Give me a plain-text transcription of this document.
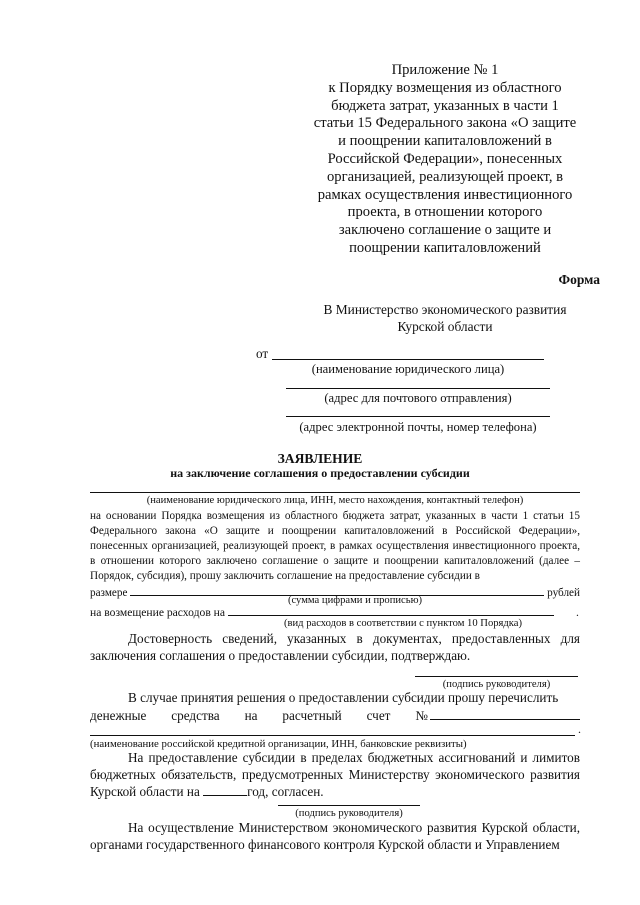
Приложение № 1
к Порядку возмещения из областного
бюджета затрат, указанных в части 1
статьи 15 Федерального закона «О защите
и поощрении капиталовложений в
Российской Федерации», понесенных
организацией, реализующей проект, в
рамках осуществления инвестиционного
проекта, в отношении которого
заключено соглашение о защите и
поощрении капиталовложений
Форма
В Министерство экономического развития
Курской области
от
(наименование юридического лица)
(адрес для почтового отправления)
(адрес электронной почты, номер телефона)
ЗАЯВЛЕНИЕ
на заключение соглашения о предоставлении субсидии
(наименование юридического лица, ИНН, место нахождения, контактный телефон)

на основании Порядка возмещения из областного бюджета затрат, указанных в части 1 статьи 15 Федерального закона «О защите и поощрении капиталовложений в Российской Федерации», понесенных организацией, реализующей проект, в рамках осуществления инвестиционного проекта, в отношении которого заключено соглашение о защите и поощрении капиталовложений (далее – Порядок, субсидия), прошу заключить соглашение на предоставление субсидии в

размере	рублей
(сумма цифрами и прописью)
на возмещение расходов на	.
(вид расходов в соответствии с пунктом 10 Порядка)

Достоверность сведений, указанных в документах, предоставленных для заключения соглашения о предоставлении субсидии, подтверждаю.

(подпись руководителя)

В случае принятия решения о предоставлении субсидии прошу перечислить

денежные средства на расчетный счет №
.
(наименование российской кредитной организации, ИНН, банковские реквизиты)

На предоставление субсидии в пределах бюджетных ассигнований и лимитов бюджетных обязательств, предусмотренных Министерству экономического развития Курской области на	год, согласен.

(подпись руководителя)

На осуществление Министерством экономического развития Курской области, органами государственного финансового контроля Курской области и Управлением
